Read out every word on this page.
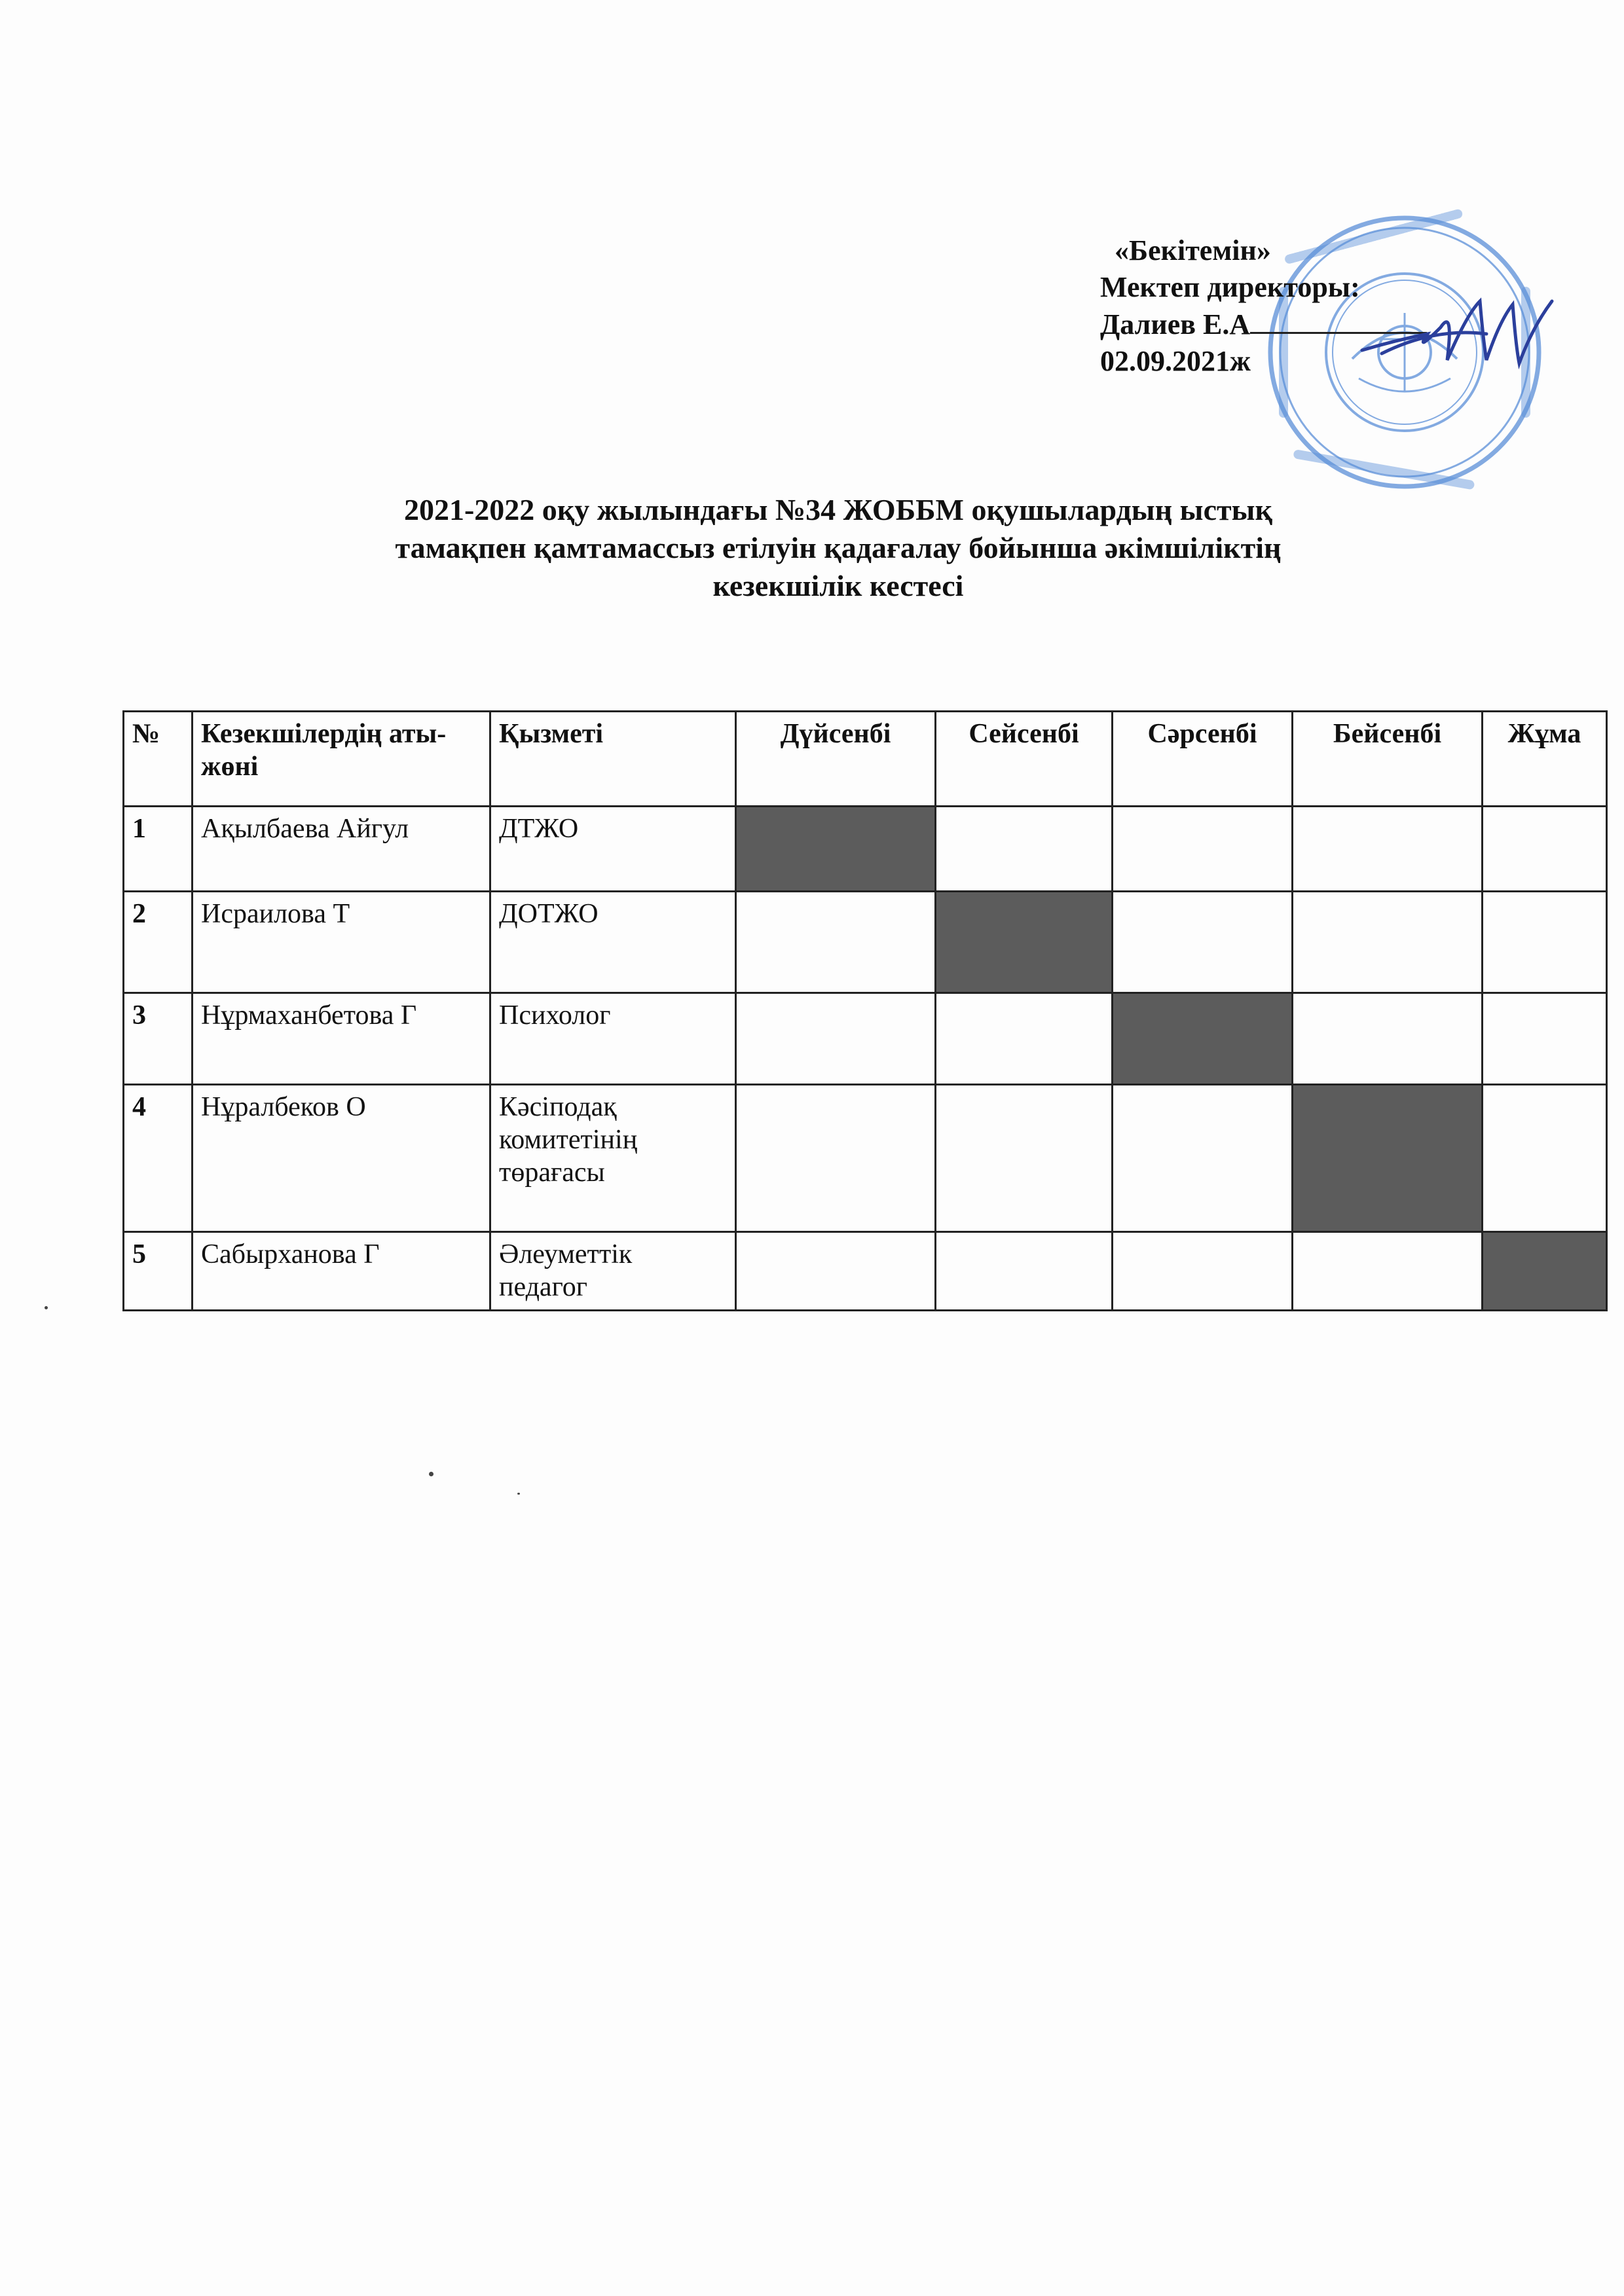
«Бекітемін»
Мектеп директоры:
Далиев Е.А
02.09.2021ж
2021-2022 оқу жылындағы №34 ЖОББМ оқушылардың ыстық
тамақпен қамтамассыз етілуін қадағалау бойынша әкімшіліктің
кезекшілік кестесі
№	Кезекшілердің аты-жөні	Қызметі	Дүйсенбі	Сейсенбі	Сәрсенбі	Бейсенбі	Жұма
1	Ақылбаева Айгул	ДТЖО					
2	Исраилова Т	ДОТЖО					
3	Нұрмаханбетова Г	Психолог					
4	Нұралбеков О	Кәсіподақ комитетінің төрағасы					
5	Сабырханова Г	Әлеуметтік педагог					
